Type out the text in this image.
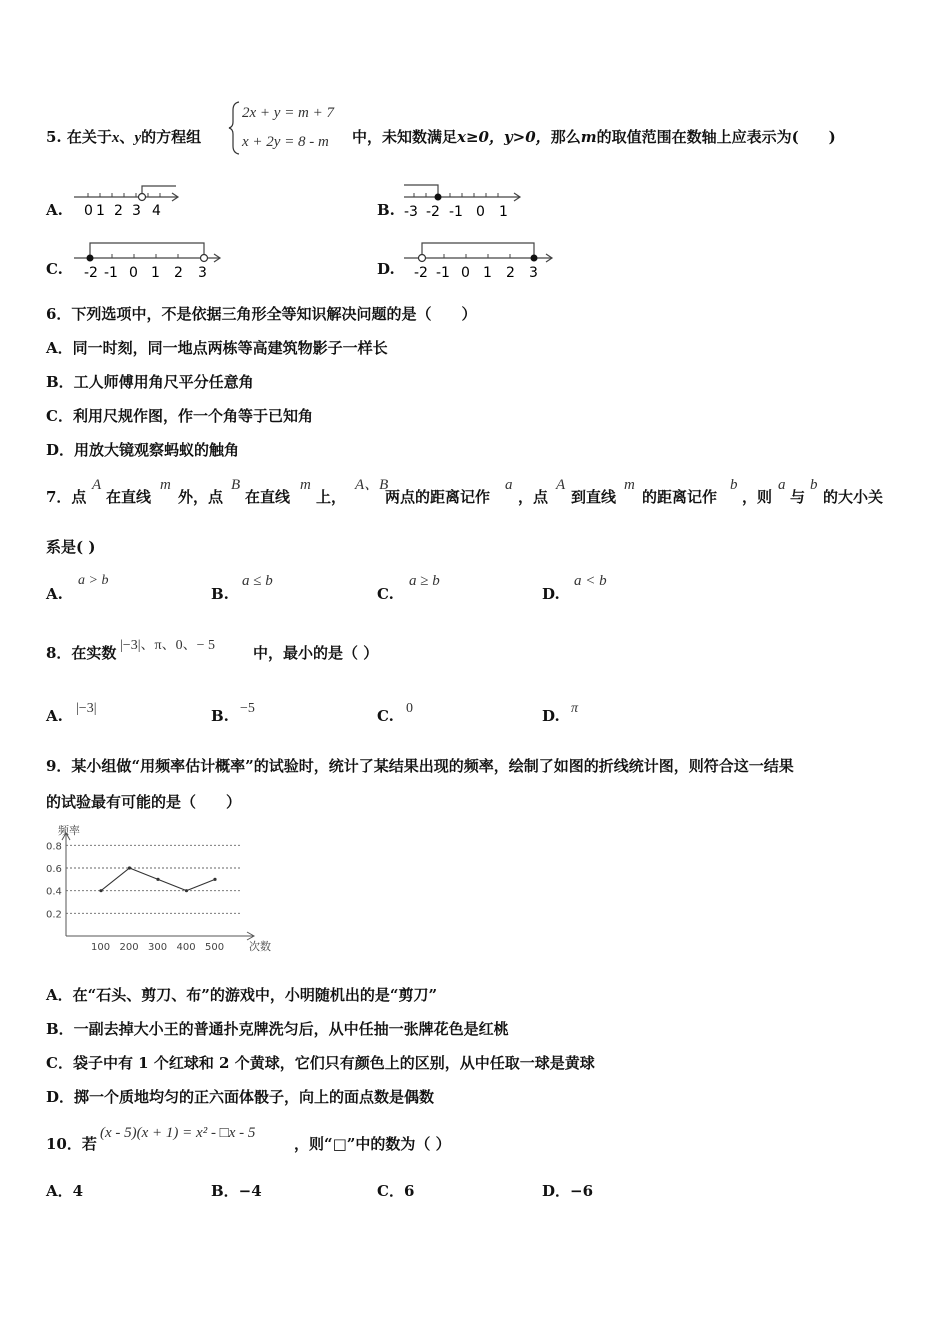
5. 在关于x、y的方程组
2x + y = m + 7
x + 2y = 8 - m 中，未知数满足x≥0，y>0，那么m的取值范围在数轴上应表示为(　　)
A. 0 1 2 3 4	B. -3 -2 -1 0 1
C. -2 -1 0 1 2 3	D. -2 -1 0 1 2 3
6．下列选项中，不是依据三角形全等知识解决问题的是（　　）
A．同一时刻，同一地点两栋等高建筑物影子一样长
B．工人师傅用角尺平分任意角
C．利用尺规作图，作一个角等于已知角
D．用放大镜观察蚂蚁的触角
7．点
A
在直线
m
外，点
B
在直线
m
上，
A、B
两点的距离记作
a
，点
A
到直线
m
的距离记作
b
，则
a
与
b
的大小关
系是( )
A.
a > b
B.
a ≤ b
C.
a ≥ b
D.
a < b
8．在实数 |−3|、π、0、− 5	中，最小的是（ ）
A. |−3|	B. −5	C. 0	D. π
9．某小组做“用频率估计概率”的试验时，统计了某结果出现的频率，绘制了如图的折线统计图，则符合这一结果
的试验最有可能的是（　　）
频率
次数
0.8
0.6
0.4
0.2
100 200 300 400 500
A．在“石头、剪刀、布”的游戏中，小明随机出的是“剪刀”
B．一副去掉大小王的普通扑克牌洗匀后，从中任抽一张牌花色是红桃
C．袋子中有 1 个红球和 2 个黄球，它们只有颜色上的区别，从中任取一球是黄球
D．掷一个质地均匀的正六面体骰子，向上的面点数是偶数
10．若
(x - 5)(x + 1) = x² - □x - 5
，则“□”中的数为（ ）
A．4	B．−4	C．6	D．−6
